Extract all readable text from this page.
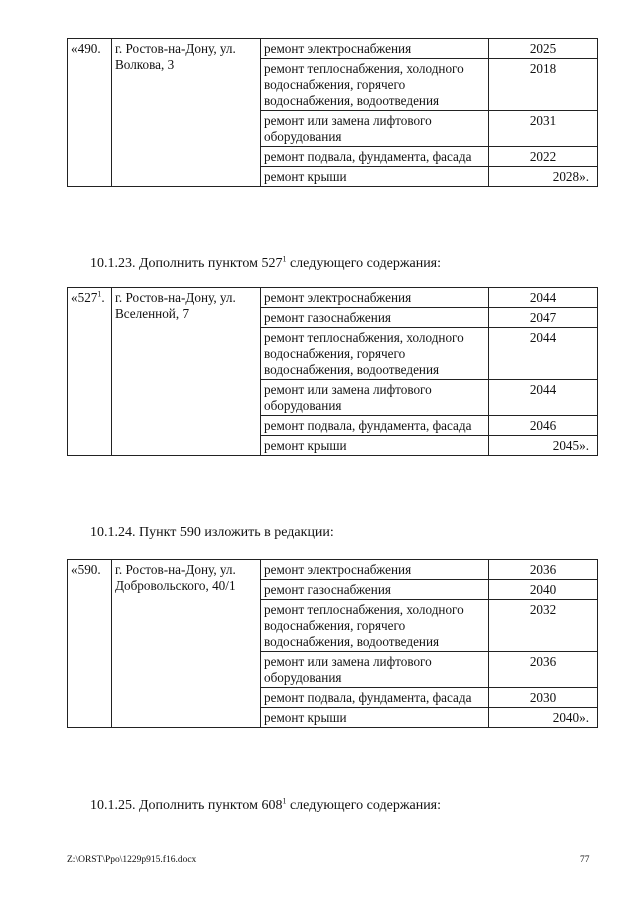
«490.	г. Ростов-на-Дону, ул. Волкова, 3	ремонт электроснабжения	2025
		ремонт теплоснабжения, холодного водоснабжения, горячего водоснабжения, водоотведения	2018
		ремонт или замена лифтового оборудования	2031
		ремонт подвала, фундамента, фасада	2022
		ремонт крыши	2028».
10.1.23. Дополнить пунктом $527^1$ следующего содержания:
«$527^1$.	г. Ростов-на-Дону, ул. Вселенной, 7	ремонт электроснабжения	2044
		ремонт газоснабжения	2047
		ремонт теплоснабжения, холодного водоснабжения, горячего водоснабжения, водоотведения	2044
		ремонт или замена лифтового оборудования	2044
		ремонт подвала, фундамента, фасада	2046
		ремонт крыши	2045».
10.1.24. Пункт 590 изложить в редакции:
«590.	г. Ростов-на-Дону, ул. Добровольского, 40/1	ремонт электроснабжения	2036
		ремонт газоснабжения	2040
		ремонт теплоснабжения, холодного водоснабжения, горячего водоснабжения, водоотведения	2032
		ремонт или замена лифтового оборудования	2036
		ремонт подвала, фундамента, фасада	2030
		ремонт крыши	2040».
10.1.25. Дополнить пунктом $608^1$ следующего содержания:
Z:\ORST\Ppo\1229p915.f16.docx	77
